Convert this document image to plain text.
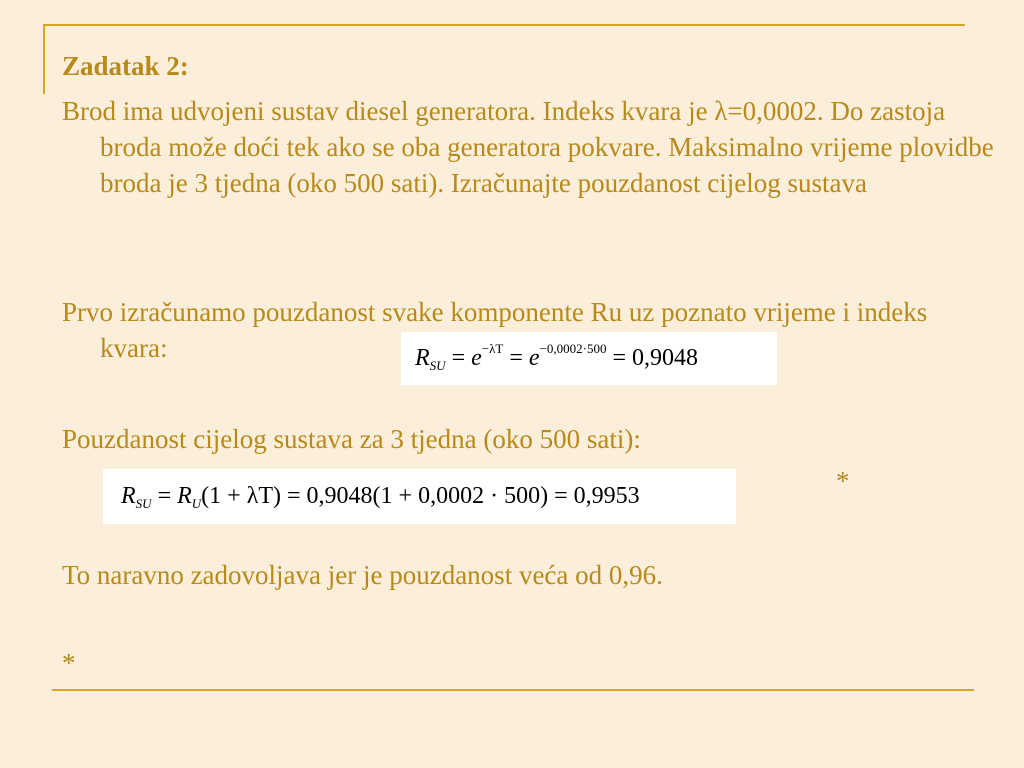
Zadatak 2:

Brod ima udvojeni sustav diesel generatora. Indeks kvara je λ=0,0002. Do zastoja broda može doći tek ako se oba generatora pokvare. Maksimalno vrijeme plovidbe broda je 3 tjedna (oko 500 sati). Izračunajte pouzdanost cijelog sustava

Prvo izračunamo pouzdanost svake komponente Ru uz poznato vrijeme i indeks kvara:	R SU = e −λT = e −0,0002·500 = 0,9048

Pouzdanost cijelog sustava za 3 tjedna (oko 500 sati):

R SU = R U (1 + λT) = 0,9048(1 + 0,0002 · 500) = 0,9953	*

To naravno zadovoljava jer je pouzdanost veća od 0,96.

*
